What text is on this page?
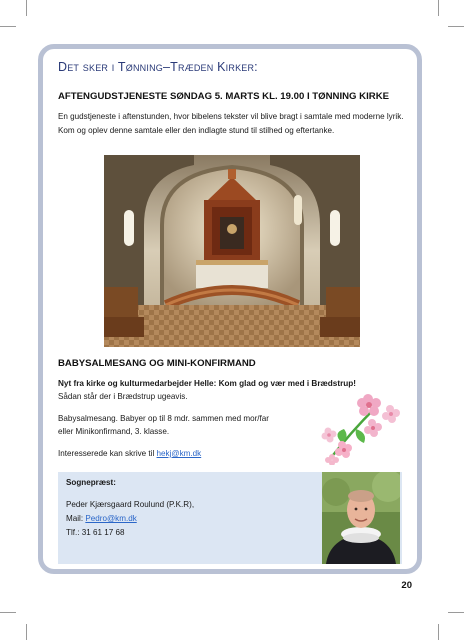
Det sker i Tønning–Træden Kirker:
AFTENGUDSTJENESTE SØNDAG 5. MARTS KL. 19.00 I TØNNING KIRKE
En gudstjeneste i aftenstunden, hvor bibelens tekster vil blive bragt i samtale med moderne lyrik. Kom og oplev denne samtale eller den indlagte stund til stilhed og eftertanke.
BABYSALMESANG OG MINI-KONFIRMAND
Nyt fra kirke og kulturmedarbejder Helle: Kom glad og vær med i Brædstrup!
Sådan står der i Brædstrup ugeavis.
Babysalmesang. Babyer op til 8 mdr. sammen med mor/far
eller Minikonfirmand, 3. klasse.
Interesserede kan skrive til hekj@km.dk
Sognepræst:
Peder Kjærsgaard Roulund (P.K.R),
Mail: Pedro@km.dk
Tlf.: 31 61 17 68
20
